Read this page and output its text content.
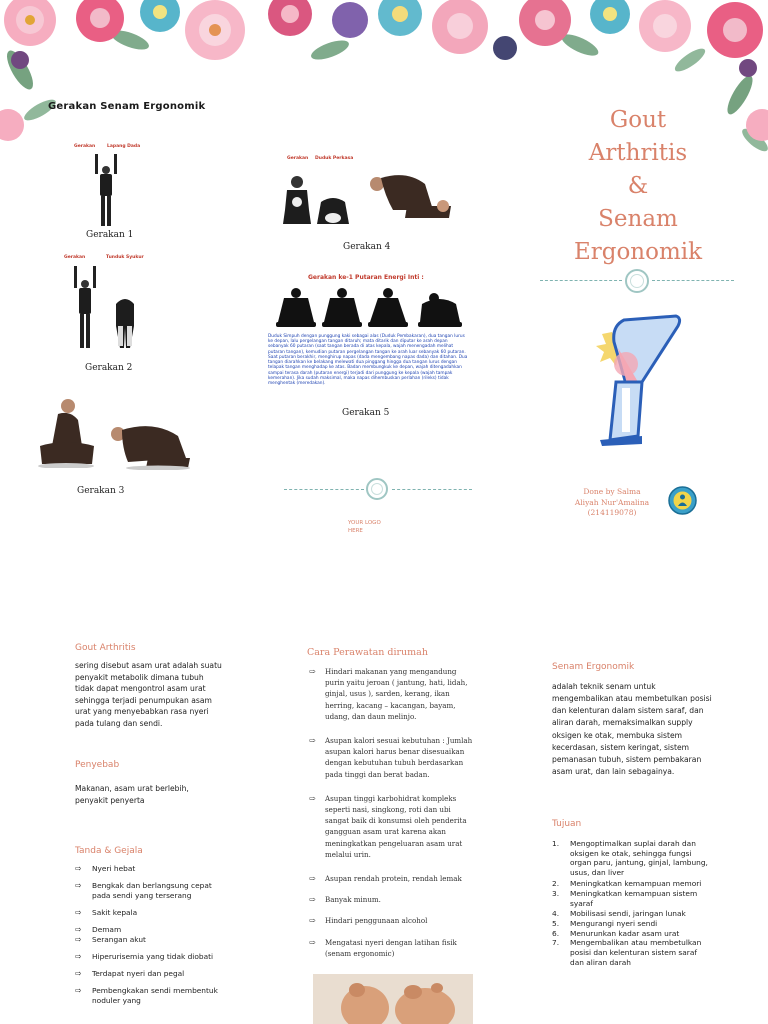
Gerakan Senam Ergonomik
Gerakan	Lapang Dada
Gerakan 1
Gerakan	Tunduk Syukur
Gerakan 2
Gerakan 3
Gerakan Duduk Perkasa
Gerakan 4
Gerakan ke-1 Putaran Energi Inti :
Duduk Simpuh dengan punggung kaki sebagai alas (Duduk Pembakaran), dua tangan lurus ke depan, lalu pergelangan tangan ditaruh; mata ditarik dan diputar ke arah depan sebanyak 60 putaran (saat tangan berada di atas kepala, wajah menengadah melihat putaran tangan), kemudian putaran pergelangan tangan ke arah luar sebanyak 60 putaran. Saat putaran berakhir, menghirup napas (dada mengembang napas dada) dan ditahan. Dua tangan diarahkan ke belakang melewati dua pinggang hingga dua tangan lurus dengan telapak tangan menghadap ke atas. Badan membungkuk ke depan, wajah ditengadahkan sampai terasa darah (putaran energi) terjadi dari punggung ke kepala (wajah tampak kemerahan). Jika sudah maksimal, maka napas dihembuskan perlahan (rileks) tidak menghentak (meredakan).
Gerakan 5
YOUR LOGO HERE
Gout
Arthritis
&
Senam
Ergonomik
Done by Salma
Aliyah Nur'Amalina
(214119078)
Gout Arthritis
sering disebut asam urat adalah suatu penyakit metabolik dimana tubuh tidak dapat mengontrol asam urat sehingga terjadi penumpukan asam urat yang menyebabkan rasa nyeri pada tulang dan sendi.
Penyebab
Makanan, asam urat berlebih, penyakit penyerta
Tanda & Gejala
⇨ Nyeri hebat
⇨ Bengkak dan berlangsung cepat pada sendi yang terserang
⇨ Sakit kepala
⇨ Demam
⇨ Serangan akut
⇨ Hiperurisemia yang tidak diobati
⇨ Terdapat nyeri dan pegal
⇨ Pembengkakan sendi membentuk noduler yang
Cara Perawatan dirumah
⇨ Hindari makanan yang mengandung purin yaitu jeroan ( jantung, hati, lidah, ginjal, usus ), sarden, kerang, ikan herring, kacang – kacangan, bayam, udang, dan daun melinjo.
⇨ Asupan kalori sesuai kebutuhan : Jumlah asupan kalori harus benar disesuaikan dengan kebutuhan tubuh berdasarkan pada tinggi dan berat badan.
⇨ Asupan tinggi karbohidrat kompleks seperti nasi, singkong, roti dan ubi sangat baik di konsumsi oleh penderita gangguan asam urat karena akan meningkatkan pengeluaran asam urat melalui urin.
⇨ Asupan rendah protein, rendah lemak
⇨ Banyak minum.
⇨ Hindari penggunaan alcohol
⇨ Mengatasi nyeri dengan latihan fisik (senam ergonomic)
Senam Ergonomik
adalah teknik senam untuk mengembalikan atau membetulkan posisi dan kelenturan dalam sistem saraf, dan aliran darah, memaksimalkan supply oksigen ke otak, membuka sistem kecerdasan, sistem keringat, sistem pemanasan tubuh, sistem pembakaran asam urat, dan lain sebagainya.
Tujuan
1. Mengoptimalkan suplai darah dan oksigen ke otak, sehingga fungsi organ paru, jantung, ginjal, lambung, usus, dan liver
2. Meningkatkan kemampuan memori
3. Meningkatkan kemampuan sistem syaraf
4. Mobilisasi sendi, jaringan lunak
5. Mengurangi nyeri sendi
6. Menurunkan kadar asam urat
7. Mengembalikan atau membetulkan posisi dan kelenturan sistem saraf dan aliran darah
